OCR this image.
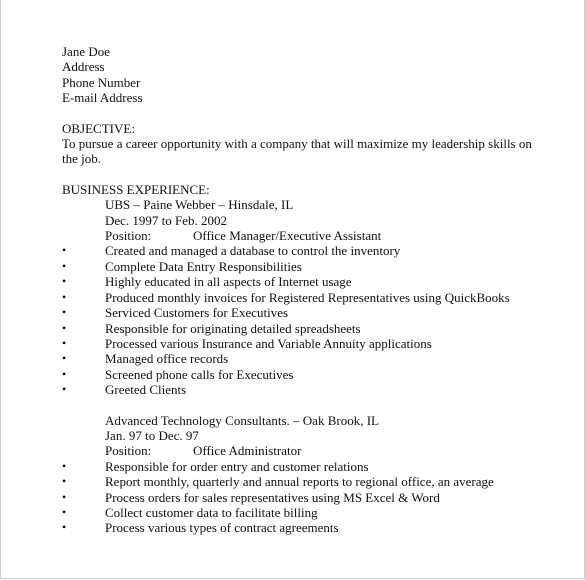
Jane Doe
Address
Phone Number
E-mail Address
OBJECTIVE:
To pursue a career opportunity with a company that will maximize my leadership skills on the job.
BUSINESS EXPERIENCE:
UBS – Paine Webber – Hinsdale, IL
Dec. 1997 to Feb. 2002
Position:	Office Manager/Executive Assistant
•	Created and managed a database to control the inventory
•	Complete Data Entry Responsibilities
•	Highly educated in all aspects of Internet usage
•	Produced monthly invoices for Registered Representatives using QuickBooks
•	Serviced Customers for Executives
•	Responsible for originating detailed spreadsheets
•	Processed various Insurance and Variable Annuity applications
•	Managed office records
•	Screened phone calls for Executives
•	Greeted Clients
Advanced Technology Consultants. – Oak Brook, IL
Jan. 97 to Dec. 97
Position:	Office Administrator
•	Responsible for order entry and customer relations
•	Report monthly, quarterly and annual reports to regional office, an average
•	Process orders for sales representatives using MS Excel & Word
•	Collect customer data to facilitate billing
•	Process various types of contract agreements
